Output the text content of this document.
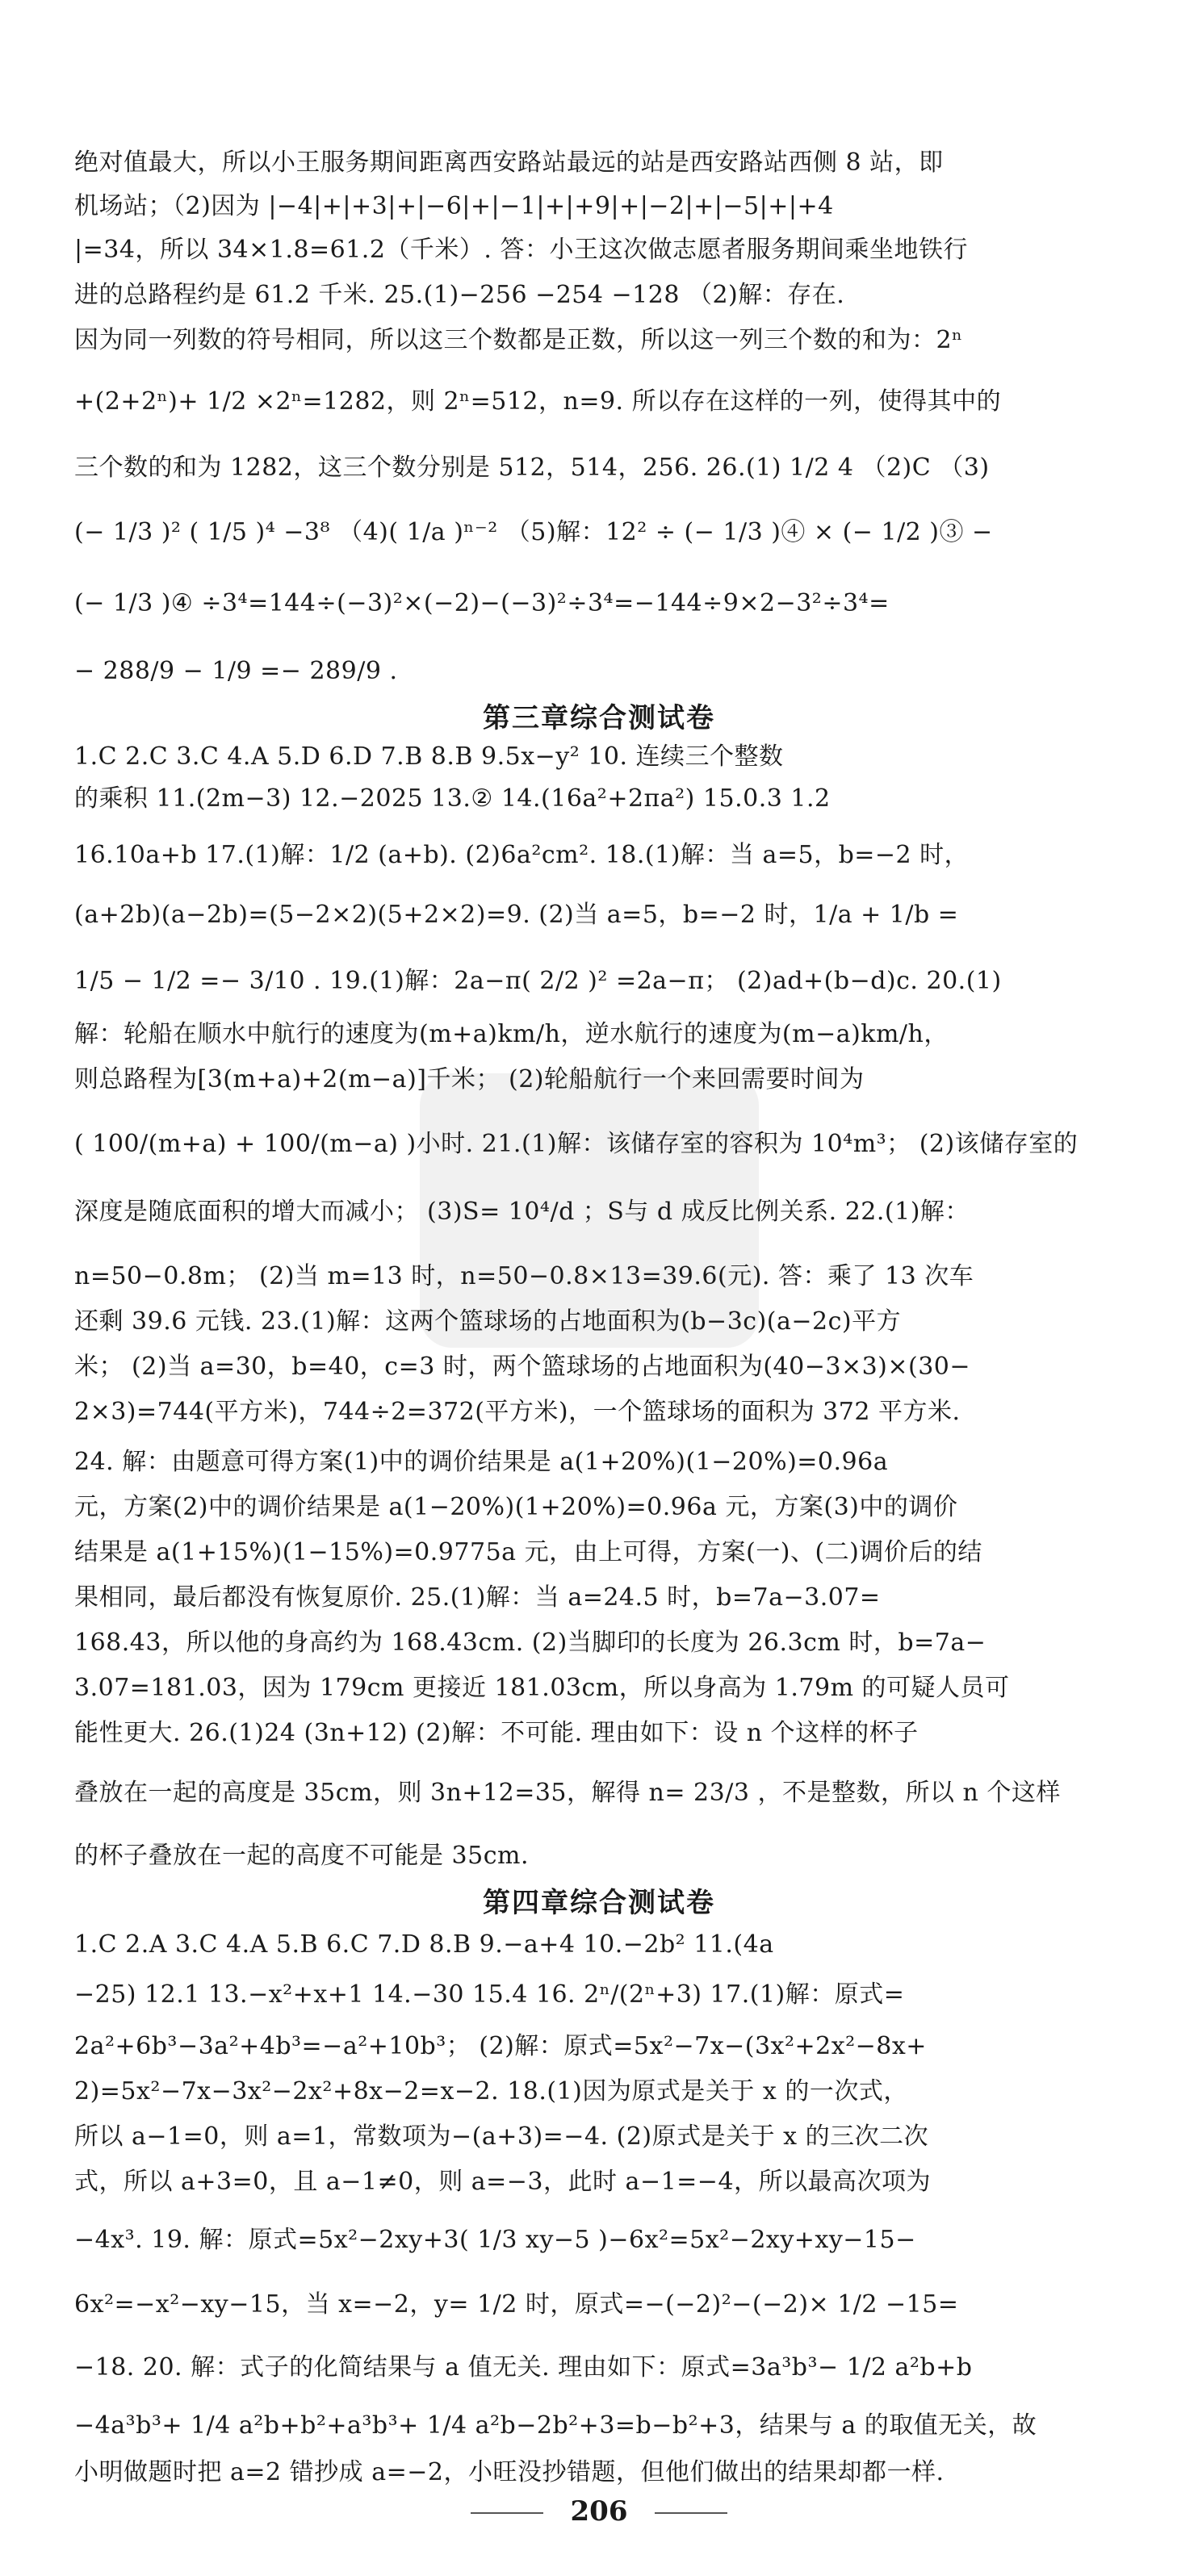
绝对值最大，所以小王服务期间距离西安路站最远的站是西安路站西侧 8 站，即
机场站；（2)因为 |−4|+|+3|+|−6|+|−1|+|+9|+|−2|+|−5|+|+4
|=34，所以 34×1.8=61.2（千米）. 答：小王这次做志愿者服务期间乘坐地铁行
进的总路程约是 61.2 千米. 25.(1)−256 −254 −128 （2)解：存在.
因为同一列数的符号相同，所以这三个数都是正数，所以这一列三个数的和为：2ⁿ
+(2+2ⁿ)+ 1/2 ×2ⁿ=1282，则 2ⁿ=512，n=9. 所以存在这样的一列，使得其中的
三个数的和为 1282，这三个数分别是 512，514，256. 26.(1) 1/2 4 （2)C （3)
(− 1/3 )² ( 1/5 )⁴ −3⁸ （4)( 1/a )ⁿ⁻² （5)解：12² ÷ (− 1/3 )④ × (− 1/2 )③ −
(− 1/3 )④ ÷3⁴=144÷(−3)²×(−2)−(−3)²÷3⁴=−144÷9×2−3²÷3⁴=
− 288/9 − 1/9 =− 289/9 .
第三章综合测试卷
1.C 2.C 3.C 4.A 5.D 6.D 7.B 8.B 9.5x−y² 10. 连续三个整数
的乘积 11.(2m−3) 12.−2025 13.② 14.(16a²+2πa²) 15.0.3 1.2
16.10a+b 17.(1)解：1/2 (a+b). (2)6a²cm². 18.(1)解：当 a=5，b=−2 时，
(a+2b)(a−2b)=(5−2×2)(5+2×2)=9. (2)当 a=5，b=−2 时，1/a + 1/b =
1/5 − 1/2 =− 3/10 . 19.(1)解：2a−π( 2/2 )² =2a−π； (2)ad+(b−d)c. 20.(1)
解：轮船在顺水中航行的速度为(m+a)km/h，逆水航行的速度为(m−a)km/h，
则总路程为[3(m+a)+2(m−a)]千米； (2)轮船航行一个来回需要时间为
( 100/(m+a) + 100/(m−a) )小时. 21.(1)解：该储存室的容积为 10⁴m³； (2)该储存室的
深度是随底面积的增大而减小； (3)S= 10⁴/d ；S与 d 成反比例关系. 22.(1)解：
n=50−0.8m； (2)当 m=13 时，n=50−0.8×13=39.6(元). 答：乘了 13 次车
还剩 39.6 元钱. 23.(1)解：这两个篮球场的占地面积为(b−3c)(a−2c)平方
米； (2)当 a=30，b=40，c=3 时，两个篮球场的占地面积为(40−3×3)×(30−
2×3)=744(平方米)，744÷2=372(平方米)，一个篮球场的面积为 372 平方米.
24. 解：由题意可得方案(1)中的调价结果是 a(1+20%)(1−20%)=0.96a
元，方案(2)中的调价结果是 a(1−20%)(1+20%)=0.96a 元，方案(3)中的调价
结果是 a(1+15%)(1−15%)=0.9775a 元，由上可得，方案(一)、(二)调价后的结
果相同，最后都没有恢复原价. 25.(1)解：当 a=24.5 时，b=7a−3.07=
168.43，所以他的身高约为 168.43cm. (2)当脚印的长度为 26.3cm 时，b=7a−
3.07=181.03，因为 179cm 更接近 181.03cm，所以身高为 1.79m 的可疑人员可
能性更大. 26.(1)24 (3n+12) (2)解：不可能. 理由如下：设 n 个这样的杯子
叠放在一起的高度是 35cm，则 3n+12=35，解得 n= 23/3 ，不是整数，所以 n 个这样
的杯子叠放在一起的高度不可能是 35cm.
第四章综合测试卷
1.C 2.A 3.C 4.A 5.B 6.C 7.D 8.B 9.−a+4 10.−2b² 11.(4a
−25) 12.1 13.−x²+x+1 14.−30 15.4 16. 2ⁿ/(2ⁿ+3) 17.(1)解：原式=
2a²+6b³−3a²+4b³=−a²+10b³； (2)解：原式=5x²−7x−(3x²+2x²−8x+
2)=5x²−7x−3x²−2x²+8x−2=x−2. 18.(1)因为原式是关于 x 的一次式，
所以 a−1=0，则 a=1，常数项为−(a+3)=−4. (2)原式是关于 x 的三次二次
式，所以 a+3=0，且 a−1≠0，则 a=−3，此时 a−1=−4，所以最高次项为
−4x³. 19. 解：原式=5x²−2xy+3( 1/3 xy−5 )−6x²=5x²−2xy+xy−15−
6x²=−x²−xy−15，当 x=−2，y= 1/2 时，原式=−(−2)²−(−2)× 1/2 −15=
−18. 20. 解：式子的化简结果与 a 值无关. 理由如下：原式=3a³b³− 1/2 a²b+b
−4a³b³+ 1/4 a²b+b²+a³b³+ 1/4 a²b−2b²+3=b−b²+3，结果与 a 的取值无关，故
小明做题时把 a=2 错抄成 a=−2，小旺没抄错题，但他们做出的结果却都一样.
206
